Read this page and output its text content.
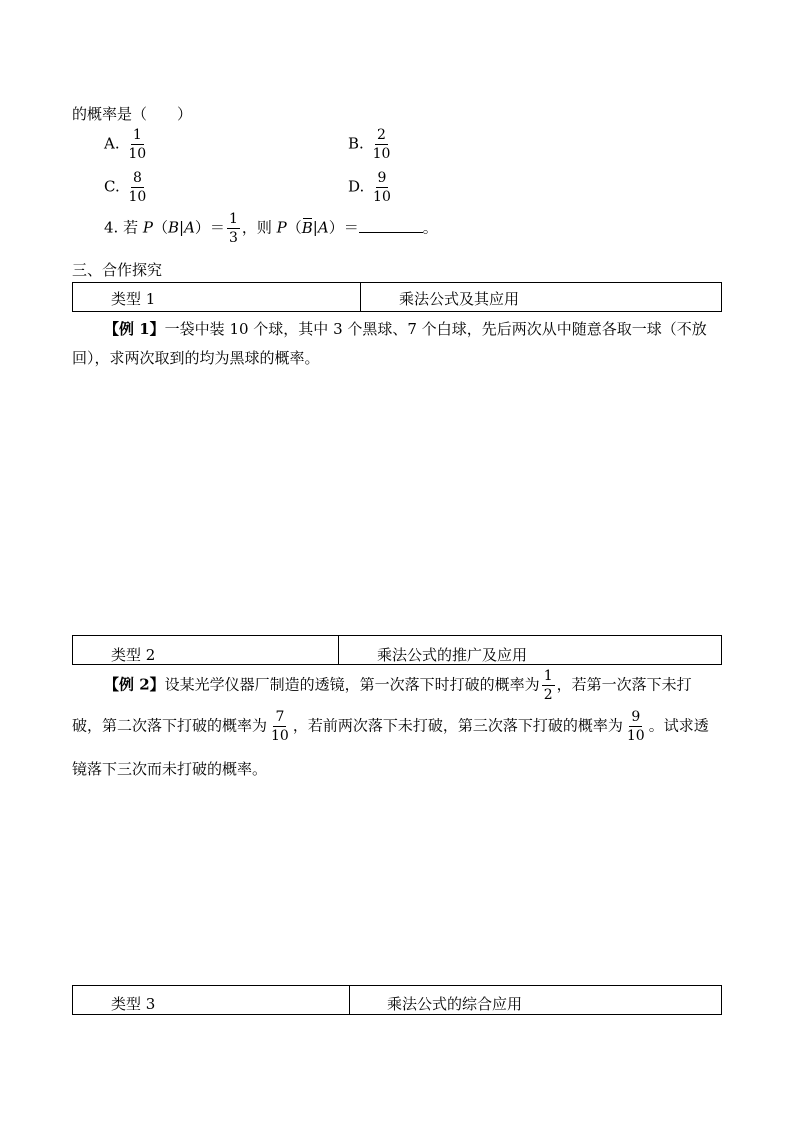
的概率是（　　）
A. $\frac{1}{10}$	B. $\frac{2}{10}$
C. $\frac{8}{10}$	D. $\frac{9}{10}$
4. 若 $P(B|A)= \frac{1}{3}$ ，则 P（B|A）＝	。
三、合作探究
类型 1	乘法公式及其应用
【例 1】一袋中装 10 个球，其中 3 个黑球、7 个白球，先后两次从中随意各取一球（不放
回），求两次取到的均为黑球的概率。
类型 2	乘法公式的推广及应用
【例 2】设某光学仪器厂制造的透镜，第一次落下时打破的概率为 $\frac{1}{2}$ ，若第一次落下未打
破，第二次落下打破的概率为 $\frac{7}{10}$ ，若前两次落下未打破，第三次落下打破的概率为 $\frac{9}{10}$ 。试求透
镜落下三次而未打破的概率。
类型 3	乘法公式的综合应用
